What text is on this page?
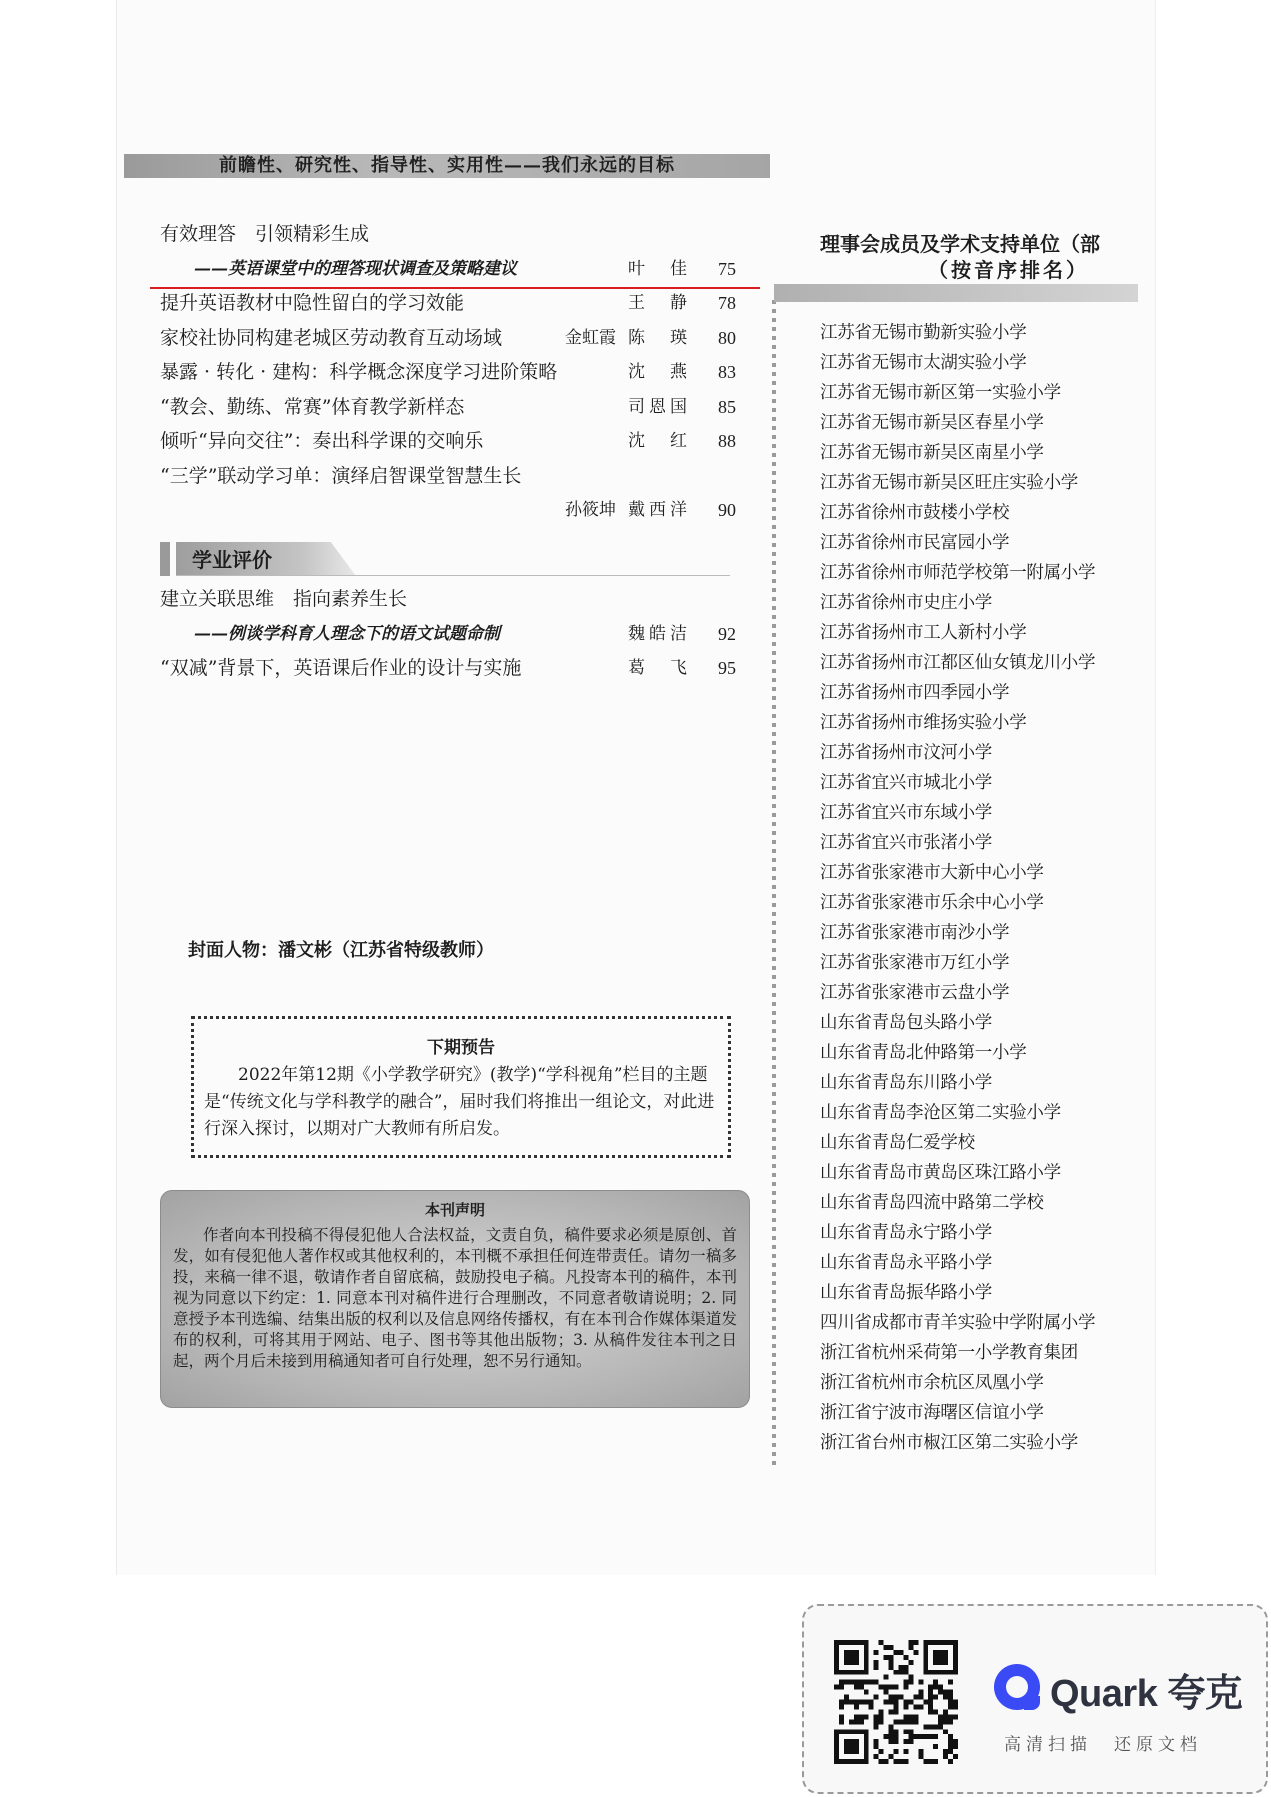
前瞻性、研究性、指导性、实用性——我们永远的目标
有效理答　引领精彩生成
——英语课堂中的理答现状调查及策略建议	叶　佳	75
提升英语教材中隐性留白的学习效能	王　静	78
家校社协同构建老城区劳动教育互动场域	金虹霞 陈　瑛	80
暴露 · 转化 · 建构：科学概念深度学习进阶策略	沈　燕	83
“教会、勤练、常赛”体育教学新样态	司恩国	85
倾听“异向交往”：奏出科学课的交响乐	沈　红	88
“三学”联动学习单：演绎启智课堂智慧生长
孙筱坤 戴西洋	90
学业评价
建立关联思维　指向素养生长
——例谈学科育人理念下的语文试题命制	魏皓洁	92
“双减”背景下，英语课后作业的设计与实施	葛　飞	95
封面人物：潘文彬（江苏省特级教师）
下期预告
2022年第12期《小学教学研究》(教学)“学科视角”栏目的主题是“传统文化与学科教学的融合”，届时我们将推出一组论文，对此进行深入探讨，以期对广大教师有所启发。
本刊声明
作者向本刊投稿不得侵犯他人合法权益，文责自负，稿件要求必须是原创、首发，如有侵犯他人著作权或其他权利的，本刊概不承担任何连带责任。请勿一稿多投，来稿一律不退，敬请作者自留底稿，鼓励投电子稿。凡投寄本刊的稿件，本刊视为同意以下约定：1. 同意本刊对稿件进行合理删改，不同意者敬请说明；2. 同意授予本刊选编、结集出版的权利以及信息网络传播权，有在本刊合作媒体渠道发布的权利，可将其用于网站、电子、图书等其他出版物；3. 从稿件发往本刊之日起，两个月后未接到用稿通知者可自行处理，恕不另行通知。
理事会成员及学术支持单位（部
（按音序排名）
江苏省无锡市勤新实验小学
江苏省无锡市太湖实验小学
江苏省无锡市新区第一实验小学
江苏省无锡市新吴区春星小学
江苏省无锡市新吴区南星小学
江苏省无锡市新吴区旺庄实验小学
江苏省徐州市鼓楼小学校
江苏省徐州市民富园小学
江苏省徐州市师范学校第一附属小学
江苏省徐州市史庄小学
江苏省扬州市工人新村小学
江苏省扬州市江都区仙女镇龙川小学
江苏省扬州市四季园小学
江苏省扬州市维扬实验小学
江苏省扬州市汶河小学
江苏省宜兴市城北小学
江苏省宜兴市东域小学
江苏省宜兴市张渚小学
江苏省张家港市大新中心小学
江苏省张家港市乐余中心小学
江苏省张家港市南沙小学
江苏省张家港市万红小学
江苏省张家港市云盘小学
山东省青岛包头路小学
山东省青岛北仲路第一小学
山东省青岛东川路小学
山东省青岛李沧区第二实验小学
山东省青岛仁爱学校
山东省青岛市黄岛区珠江路小学
山东省青岛四流中路第二学校
山东省青岛永宁路小学
山东省青岛永平路小学
山东省青岛振华路小学
四川省成都市青羊实验中学附属小学
浙江省杭州采荷第一小学教育集团
浙江省杭州市余杭区凤凰小学
浙江省宁波市海曙区信谊小学
浙江省台州市椒江区第二实验小学
Quark 夸克
高清扫描　还原文档
